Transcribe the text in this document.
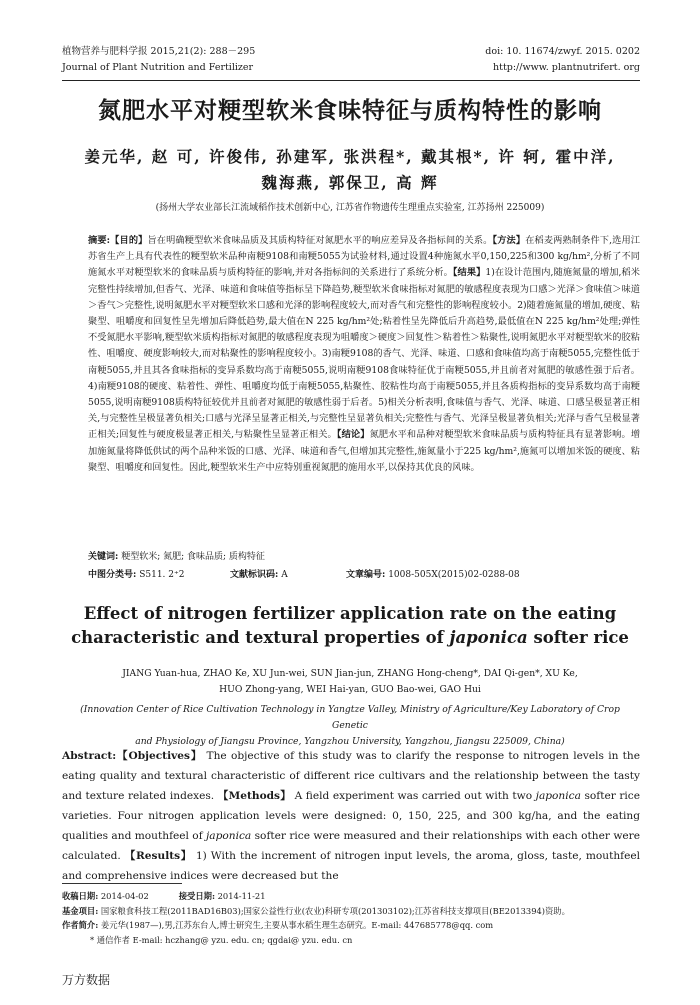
植物营养与肥料学报 2015,21(2): 288－295
Journal of Plant Nutrition and Fertilizer
doi: 10. 11674/zwyf. 2015. 0202
http://www. plantnutrifert. org
氮肥水平对粳型软米食味特征与质构特性的影响
姜元华, 赵 可, 许俊伟, 孙建军, 张洪程*, 戴其根*, 许 轲, 霍中洋,
魏海燕, 郭保卫, 高 辉
(扬州大学农业部长江流域稻作技术创新中心, 江苏省作物遗传生理重点实验室, 江苏扬州 225009)
摘要:【目的】旨在明确粳型软米食味品质及其质构特征对氮肥水平的响应差异及各指标间的关系。【方法】在稻麦两熟制条件下,选用江苏省生产上具有代表性的粳型软米品种南粳9108和南粳5055为试验材料,通过设置4种施氮水平0,150,225和300 kg/hm²,分析了不同施氮水平对粳型软米的食味品质与质构特征的影响,并对各指标间的关系进行了系统分析。【结果】1)在设计范围内,随施氮量的增加,稻米完整性持续增加,但香气、光泽、味道和食味值等指标呈下降趋势,粳型软米食味指标对氮肥的敏感程度表现为口感＞光泽＞食味值＞味道＞香气＞完整性,说明氮肥水平对粳型软米口感和光泽的影响程度较大,而对香气和完整性的影响程度较小。2)随着施氮量的增加,硬度、粘聚型、咀嚼度和回复性呈先增加后降低趋势,最大值在N 225 kg/hm²处;粘着性呈先降低后升高趋势,最低值在N 225 kg/hm²处理;弹性不受氮肥水平影响,粳型软米质构指标对氮肥的敏感程度表现为咀嚼度＞硬度＞回复性＞粘着性＞粘聚性,说明氮肥水平对粳型软米的胶粘性、咀嚼度、硬度影响较大,而对粘聚性的影响程度较小。3)南粳9108的香气、光泽、味道、口感和食味值均高于南粳5055,完整性低于南粳5055,并且其各食味指标的变异系数均高于南粳5055,说明南粳9108食味特征优于南粳5055,并且前者对氮肥的敏感性强于后者。4)南粳9108的硬度、粘着性、弹性、咀嚼度均低于南粳5055,粘聚性、胶粘性均高于南粳5055,并且各质构指标的变异系数均高于南粳5055,说明南粳9108质构特征较优并且前者对氮肥的敏感性弱于后者。5)相关分析表明,食味值与香气、光泽、味道、口感呈极显著正相关,与完整性呈极显著负相关;口感与光泽呈显著正相关,与完整性呈显著负相关;完整性与香气、光泽呈极显著负相关;光泽与香气呈极显著正相关;回复性与硬度极显著正相关,与粘聚性呈显著正相关。【结论】氮肥水平和品种对粳型软米食味品质与质构特征具有显著影响。增加施氮量将降低供试的两个品种米饭的口感、光泽、味道和香气,但增加其完整性,施氮量小于225 kg/hm²,施氮可以增加米饭的硬度、粘聚型、咀嚼度和回复性。因此,粳型软米生产中应特别重视氮肥的施用水平,以保持其优良的风味。
关键词: 粳型软米; 氮肥; 食味品质; 质构特征
中图分类号: S511. 2⁺2	文献标识码: A	文章编号: 1008-505X(2015)02-0288-08
Effect of nitrogen fertilizer application rate on the eating
characteristic and textural properties of japonica softer rice
JIANG Yuan-hua, ZHAO Ke, XU Jun-wei, SUN Jian-jun, ZHANG Hong-cheng*, DAI Qi-gen*, XU Ke,
HUO Zhong-yang, WEI Hai-yan, GUO Bao-wei, GAO Hui
(Innovation Center of Rice Cultivation Technology in Yangtze Valley, Ministry of Agriculture/Key Laboratory of Crop Genetic
and Physiology of Jiangsu Province, Yangzhou University, Yangzhou, Jiangsu 225009, China)
Abstract:【Objectives】 The objective of this study was to clarify the response to nitrogen levels in the eating quality and textural characteristic of different rice cultivars and the relationship between the tasty and texture related indexes. 【Methods】 A field experiment was carried out with two japonica softer rice varieties. Four nitrogen application levels were designed: 0, 150, 225, and 300 kg/ha, and the eating qualities and mouthfeel of japonica softer rice were measured and their relationships with each other were calculated. 【Results】 1) With the increment of nitrogen input levels, the aroma, gloss, taste, mouthfeel and comprehensive indices were decreased but the
收稿日期: 2014-04-02	接受日期: 2014-11-21
基金项目: 国家粮食科技工程(2011BAD16B03);国家公益性行业(农业)科研专项(201303102);江苏省科技支撑项目(BE2013394)资助。
作者简介: 姜元华(1987—),男,江苏东台人,博士研究生,主要从事水稻生理生态研究。E-mail: 447685778@qq. com
* 通信作者 E-mail: hczhang@ yzu. edu. cn; qgdai@ yzu. edu. cn
万方数据
